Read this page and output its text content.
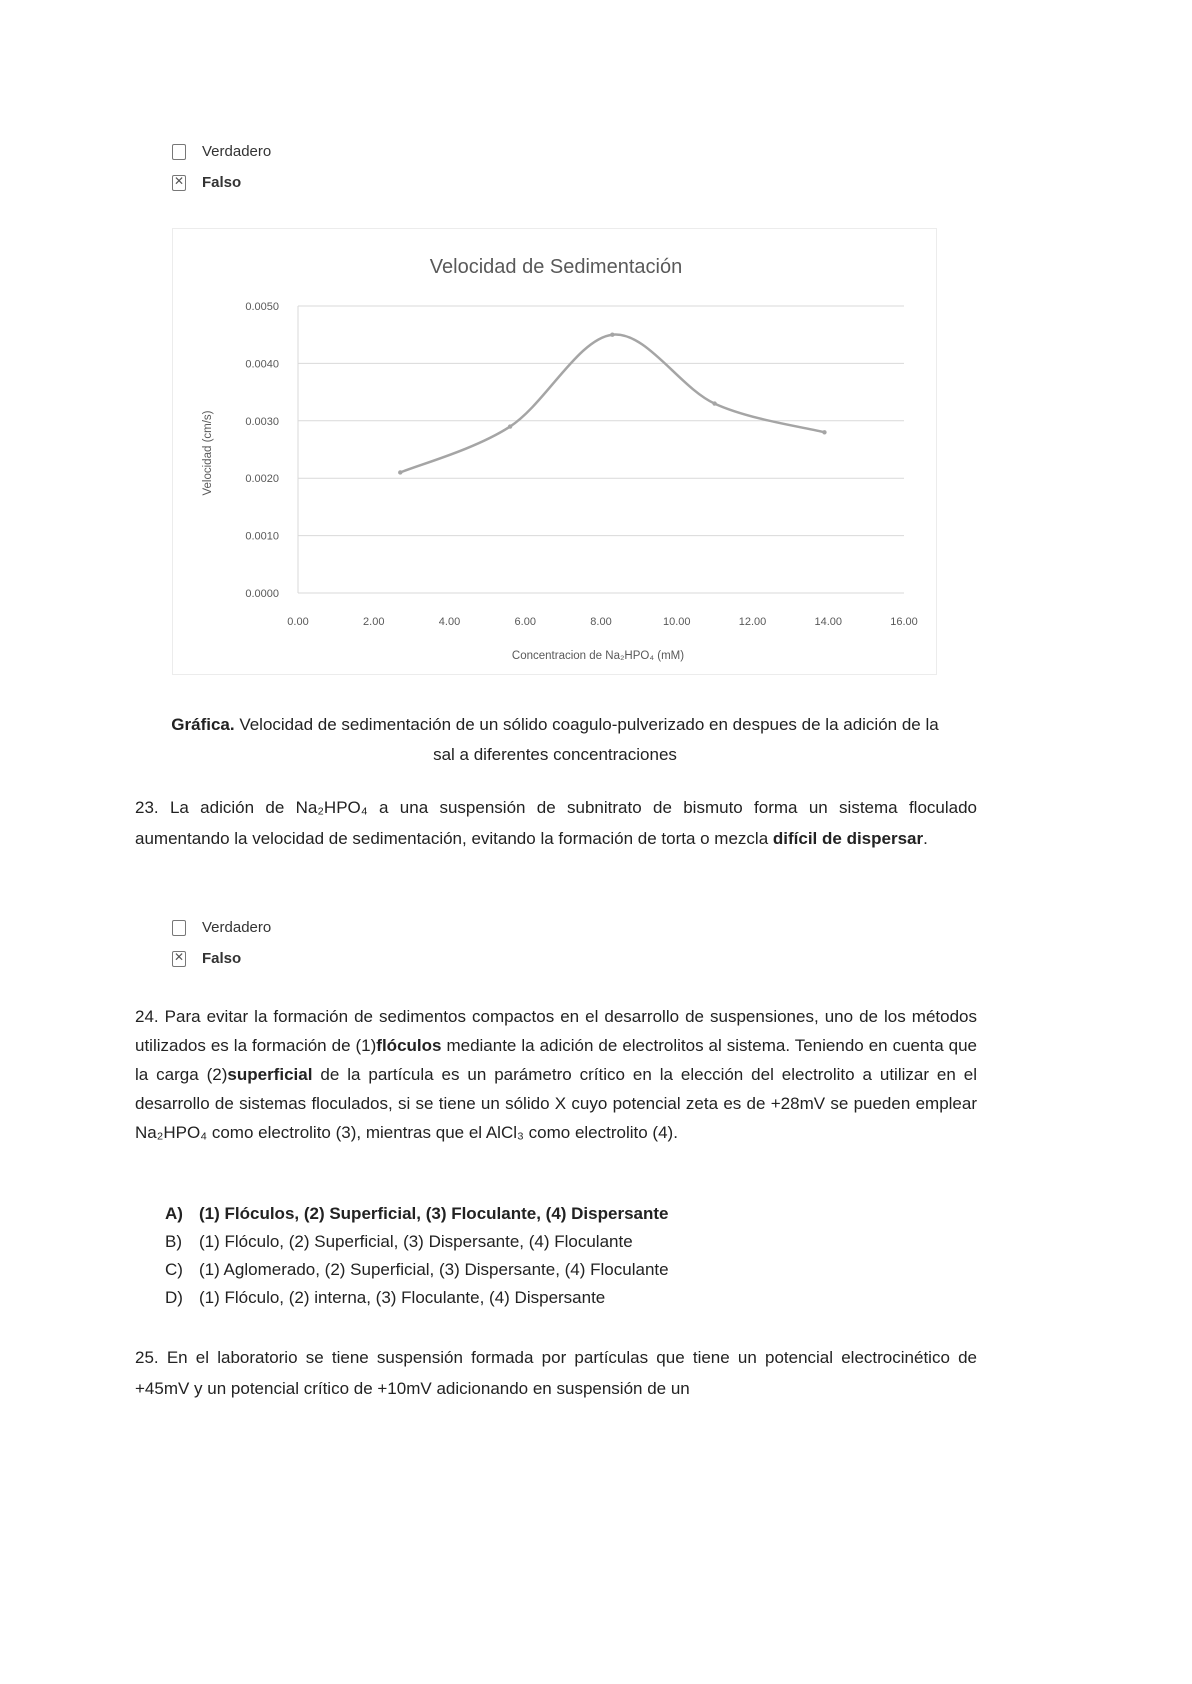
Verdadero
✕
Falso
Velocidad de Sedimentación
Concentracion de Na₂HPO₄ (mM)
Velocidad (cm/s)
0.0000
0.0010
0.0020
0.0030
0.0040
0.0050
0.00	2.00	4.00	6.00	8.00	10.00	12.00	14.00	16.00
Gráfica. Velocidad de sedimentación de un sólido coagulo-pulverizado en despues de la adición de la sal a diferentes concentraciones

23. La adición de Na₂HPO₄ a una suspensión de subnitrato de bismuto forma un sistema floculado aumentando la velocidad de sedimentación, evitando la formación de torta o mezcla difícil de dispersar.

Verdadero
✕
Falso

24. Para evitar la formación de sedimentos compactos en el desarrollo de suspensiones, uno de los métodos utilizados es la formación de (1)flóculos mediante la adición de electrolitos al sistema. Teniendo en cuenta que la carga (2)superficial de la partícula es un parámetro crítico en la elección del electrolito a utilizar en el desarrollo de sistemas floculados, si se tiene un sólido X cuyo potencial zeta es de +28mV se pueden emplear Na₂HPO₄ como electrolito (3), mientras que el AlCl₃ como electrolito (4).

A) (1) Flóculos, (2) Superficial, (3) Floculante, (4) Dispersante
B) (1) Flóculo, (2) Superficial, (3) Dispersante, (4) Floculante
C) (1) Aglomerado, (2) Superficial, (3) Dispersante, (4) Floculante
D) (1) Flóculo, (2) interna, (3) Floculante, (4) Dispersante

25. En el laboratorio se tiene suspensión formada por partículas que tiene un potencial electrocinético de +45mV y un potencial crítico de +10mV adicionando en suspensión de un
